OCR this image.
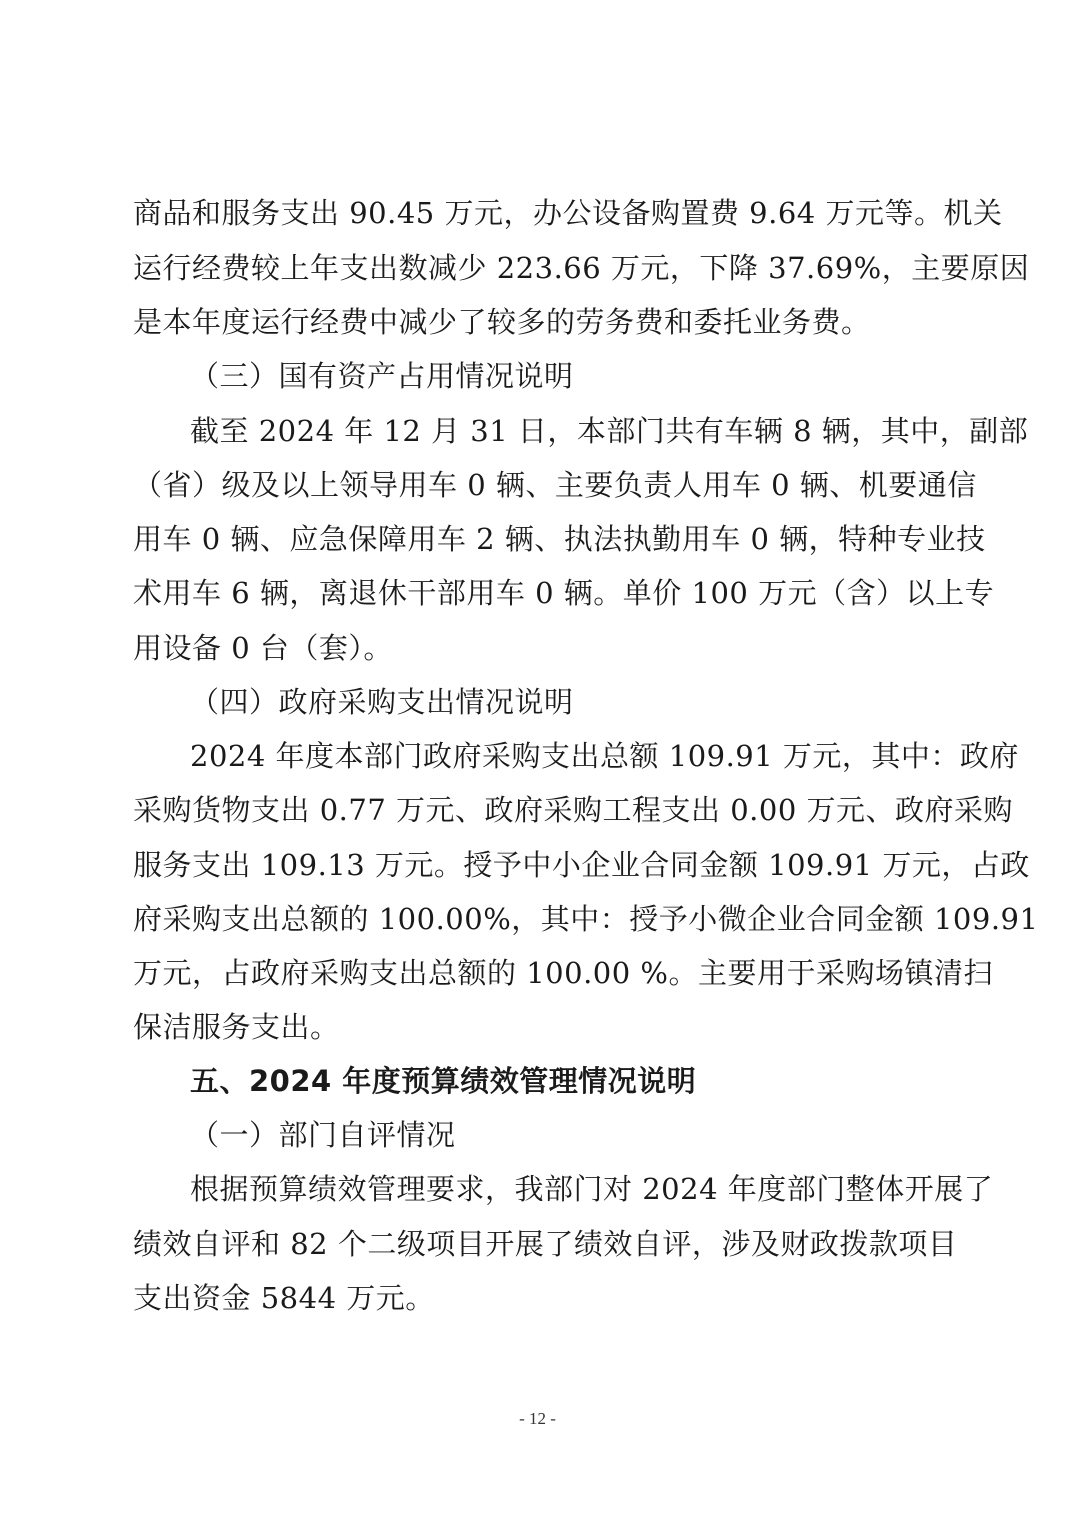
商品和服务支出 90.45 万元，办公设备购置费 9.64 万元等。机关
运行经费较上年支出数减少 223.66 万元，下降 37.69%，主要原因
是本年度运行经费中减少了较多的劳务费和委托业务费。
（三）国有资产占用情况说明
截至 2024 年 12 月 31 日，本部门共有车辆 8 辆，其中，副部
（省）级及以上领导用车 0 辆、主要负责人用车 0 辆、机要通信
用车 0 辆、应急保障用车 2 辆、执法执勤用车 0 辆，特种专业技
术用车 6 辆，离退休干部用车 0 辆。单价 100 万元（含）以上专
用设备 0 台（套）。
（四）政府采购支出情况说明
2024 年度本部门政府采购支出总额 109.91 万元，其中：政府
采购货物支出 0.77 万元、政府采购工程支出 0.00 万元、政府采购
服务支出 109.13 万元。授予中小企业合同金额 109.91 万元，占政
府采购支出总额的 100.00%，其中：授予小微企业合同金额 109.91
万元，占政府采购支出总额的 100.00 %。主要用于采购场镇清扫
保洁服务支出。
五、2024 年度预算绩效管理情况说明
（一）部门自评情况
根据预算绩效管理要求，我部门对 2024 年度部门整体开展了
绩效自评和 82 个二级项目开展了绩效自评，涉及财政拨款项目
支出资金 5844 万元。
- 12 -
